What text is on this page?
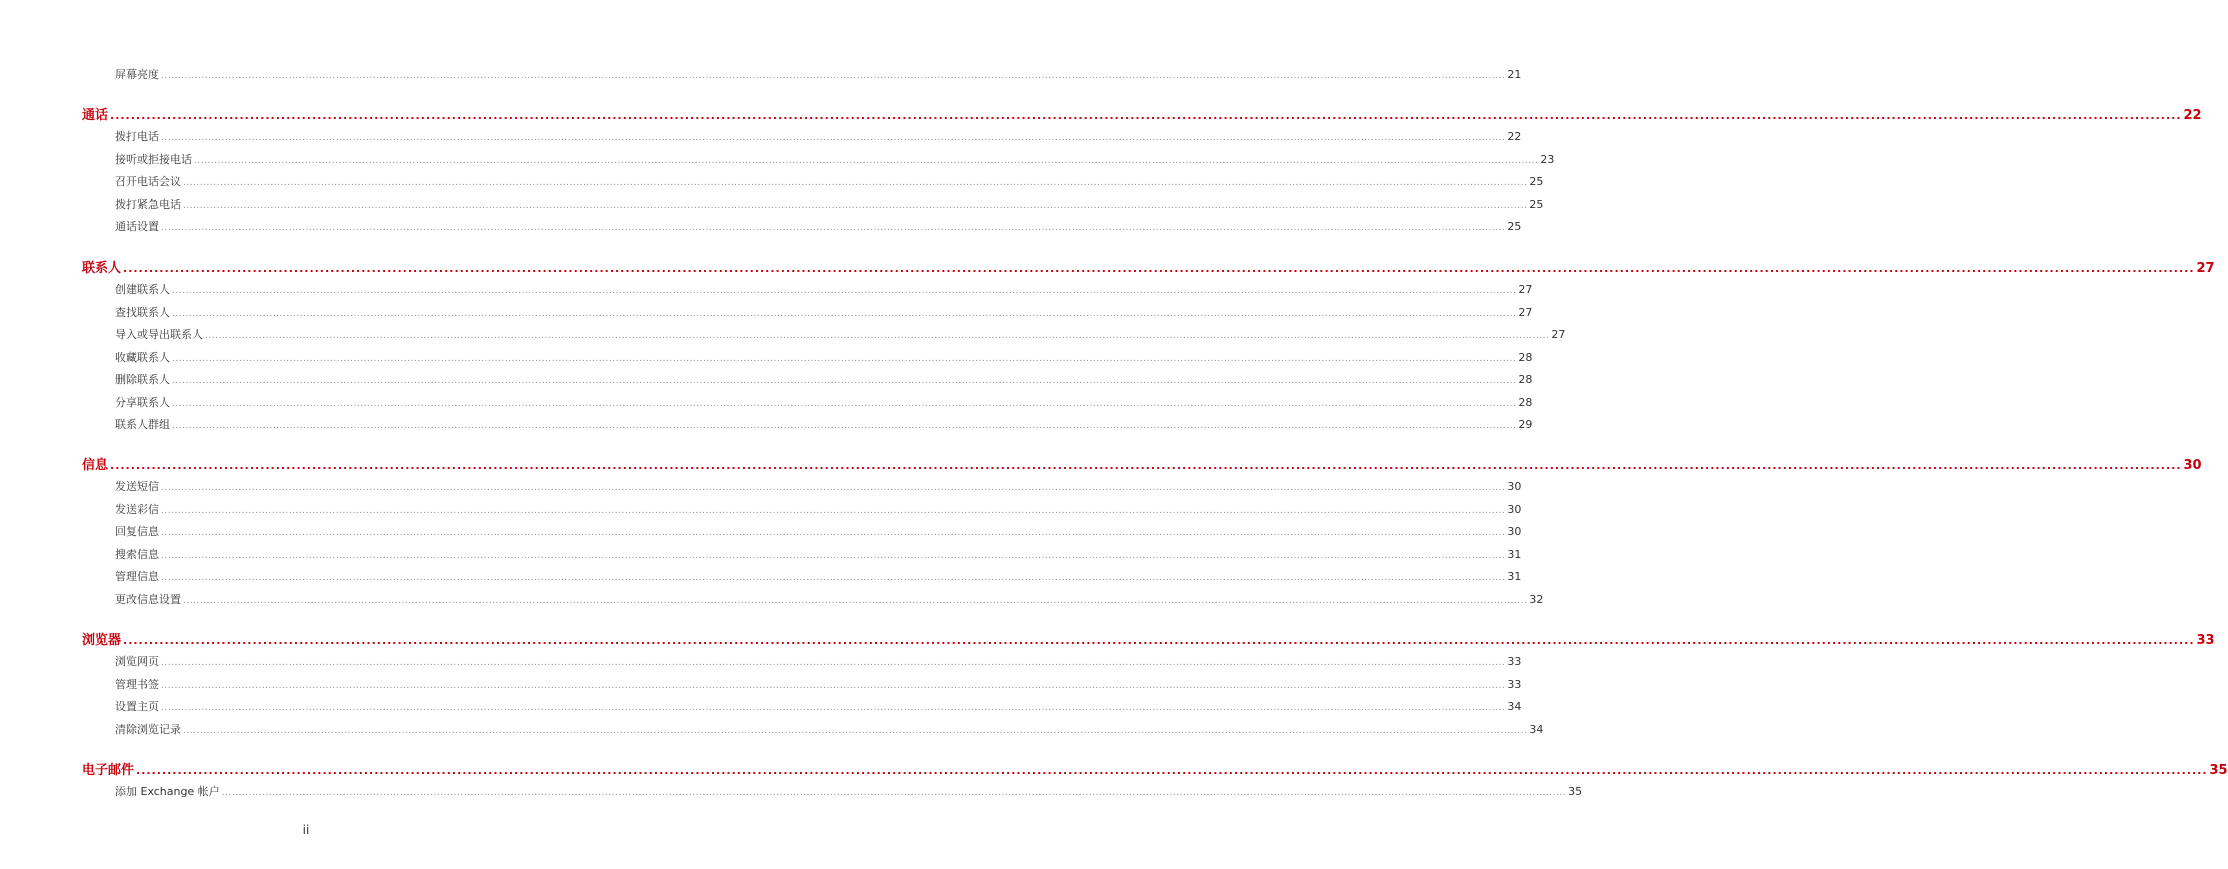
屏幕亮度 ................................................................................................................................................................................................................................................................................................................................................................................................................ 21
通话 ................................................................................................................................................................................................................................................................................................................................................................................................................ 22
拨打电话 ................................................................................................................................................................................................................................................................................................................................................................................................................ 22
接听或拒接电话 ................................................................................................................................................................................................................................................................................................................................................................................................................ 23
召开电话会议 ................................................................................................................................................................................................................................................................................................................................................................................................................ 25
拨打紧急电话 ................................................................................................................................................................................................................................................................................................................................................................................................................ 25
通话设置 ................................................................................................................................................................................................................................................................................................................................................................................................................ 25
联系人 ................................................................................................................................................................................................................................................................................................................................................................................................................ 27
创建联系人 ................................................................................................................................................................................................................................................................................................................................................................................................................ 27
查找联系人 ................................................................................................................................................................................................................................................................................................................................................................................................................ 27
导入或导出联系人 ................................................................................................................................................................................................................................................................................................................................................................................................................ 27
收藏联系人 ................................................................................................................................................................................................................................................................................................................................................................................................................ 28
删除联系人 ................................................................................................................................................................................................................................................................................................................................................................................................................ 28
分享联系人 ................................................................................................................................................................................................................................................................................................................................................................................................................ 28
联系人群组 ................................................................................................................................................................................................................................................................................................................................................................................................................ 29
信息 ................................................................................................................................................................................................................................................................................................................................................................................................................ 30
发送短信 ................................................................................................................................................................................................................................................................................................................................................................................................................ 30
发送彩信 ................................................................................................................................................................................................................................................................................................................................................................................................................ 30
回复信息 ................................................................................................................................................................................................................................................................................................................................................................................................................ 30
搜索信息 ................................................................................................................................................................................................................................................................................................................................................................................................................ 31
管理信息 ................................................................................................................................................................................................................................................................................................................................................................................................................ 31
更改信息设置 ................................................................................................................................................................................................................................................................................................................................................................................................................ 32
浏览器 ................................................................................................................................................................................................................................................................................................................................................................................................................ 33
浏览网页 ................................................................................................................................................................................................................................................................................................................................................................................................................ 33
管理书签 ................................................................................................................................................................................................................................................................................................................................................................................................................ 33
设置主页 ................................................................................................................................................................................................................................................................................................................................................................................................................ 34
清除浏览记录 ................................................................................................................................................................................................................................................................................................................................................................................................................ 34
电子邮件 ................................................................................................................................................................................................................................................................................................................................................................................................................ 35
添加 Exchange 帐户 ................................................................................................................................................................................................................................................................................................................................................................................................................ 35
ii
